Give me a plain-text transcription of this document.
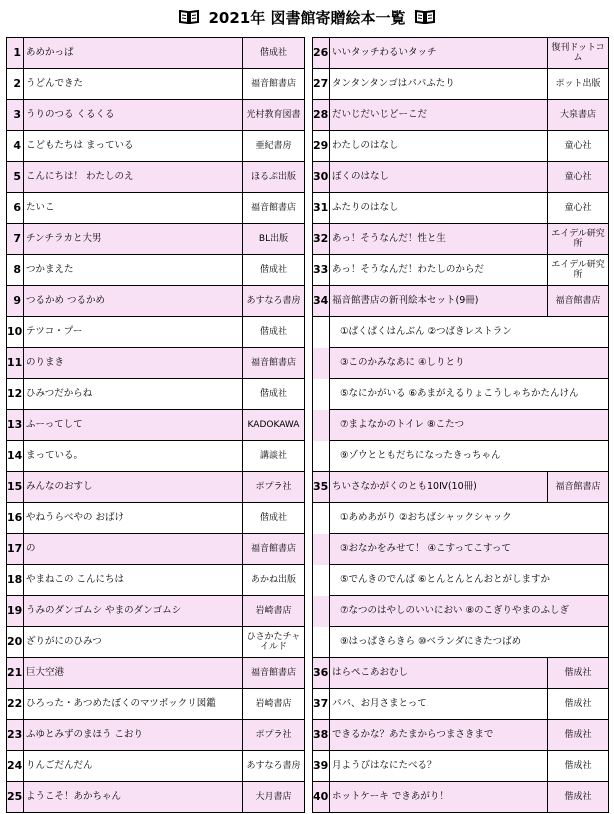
2021年 図書館寄贈絵本一覧
1	あめかっぱ	偕成社
2	うどんできた	福音館書店
3	うりのつる くるくる	光村教育図書
4	こどもたちは まっている	亜紀書房
5	こんにちは！ わたしのえ	ほるぷ出版
6	たいこ	福音館書店
7	チンチラカと大男	BL出版
8	つかまえた	偕成社
9	つるかめ つるかめ	あすなろ書房
10	テツコ・プー	偕成社
11	のりまき	福音館書店
12	ひみつだからね	偕成社
13	ふーってして	KADOKAWA
14	まっている。	講談社
15	みんなのおすし	ポプラ社
16	やねうらべやの おばけ	偕成社
17	の	福音館書店
18	やまねこの こんにちは	あかね出版
19	うみのダンゴムシ やまのダンゴムシ	岩崎書店
20	ざりがにのひみつ	ひさかたチャイルド
21	巨大空港	福音館書店
22	ひろった・あつめたぼくのマツボックリ図鑑	岩崎書店
23	ふゆとみずのまほう こおり	ポプラ社
24	りんごだんだん	あすなろ書房
25	ようこそ！あかちゃん	大月書店
26	いいタッチわるいタッチ	復刊ドットコム
27	タンタンタンゴはパパふたり	ポット出版
28	だいじだいじどーこだ	大泉書店
29	わたしのはなし	童心社
30	ぼくのはなし	童心社
31	ふたりのはなし	童心社
32	あっ！そうなんだ！性と生	エイデル研究所
33	あっ！そうなんだ！わたしのからだ	エイデル研究所
34	福音館書店の新刊絵本セット(9冊)	福音館書店
	①ぱくぱくはんぶん ②つばきレストラン	
	③このかみなあに ④しりとり	
	⑤なにかがいる ⑥あまがえるりょこうしゃちかたんけん	
	⑦まよなかのトイレ ⑧こたつ	
	⑨ゾウとともだちになったきっちゃん	
35	ちいさなかがくのとも10Ⅳ(10冊)	福音館書店
	①あめあがり ②おちばシャックシャック	
	③おなかをみせて！ ④こすってこすって	
	⑤でんきのでんば ⑥とんとんとんおとがしますか	
	⑦なつのはやしのいいにおい ⑧のこぎりやまのふしぎ	
	⑨はっぱきらきら ⑩ベランダにきたつばめ	
36	はらぺこあおむし	偕成社
37	パパ、お月さまとって	偕成社
38	できるかな？あたまからつまさきまで	偕成社
39	月ようびはなにたべる？	偕成社
40	ホットケーキ できあがり！	偕成社
